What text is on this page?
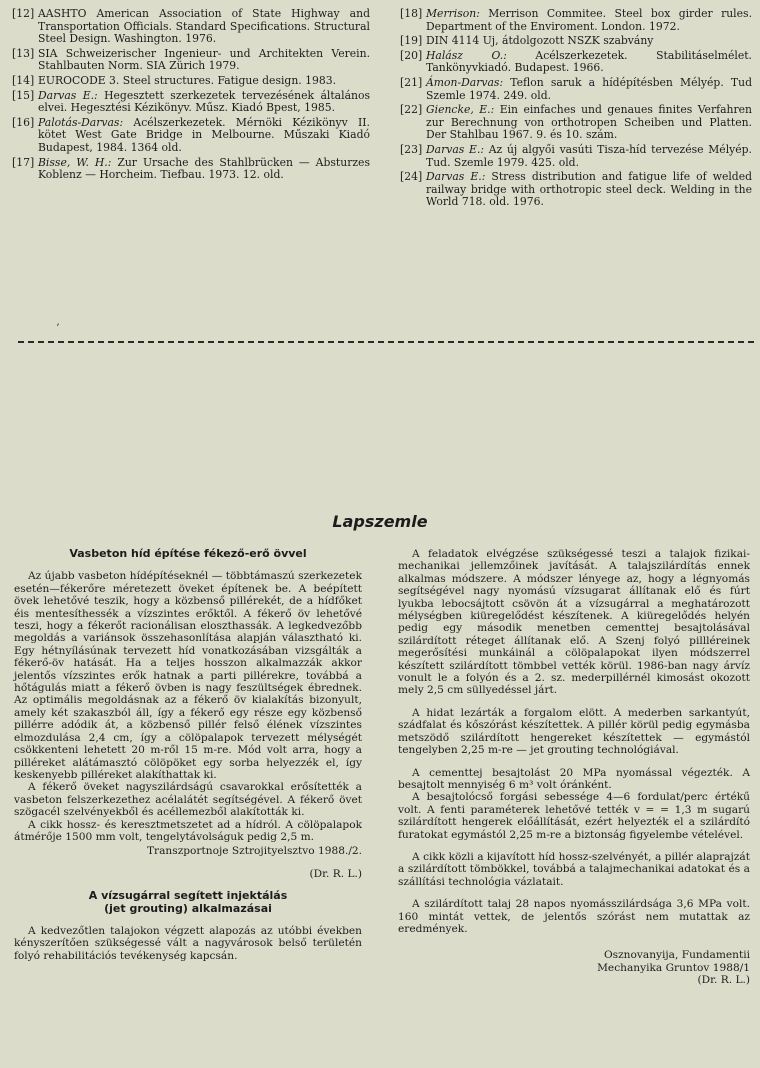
[12] AASHTO American Association of State Highway and Transportation Officials. Standard Specifications. Structural Steel Design. Washington. 1976.
[13] SIA Schweizerischer Ingenieur- und Architekten Verein. Stahlbauten Norm. SIA Zürich 1979.
[14] EUROCODE 3. Steel structures. Fatigue design. 1983.
[15] Darvas E.: Hegesztett szerkezetek tervezésének általános elvei. Hegesztési Kézikönyv. Műsz. Kiadó Bpest, 1985.
[16] Palotás-Darvas: Acélszerkezetek. Mérnöki Kézikönyv II. kötet West Gate Bridge in Melbourne. Műszaki Kiadó Budapest, 1984. 1364 old.
[17] Bisse, W. H.: Zur Ursache des Stahlbrücken — Absturzes Koblenz — Horcheim. Tiefbau. 1973. 12. old.
[18] Merrison: Merrison Commitee. Steel box girder rules. Department of the Enviroment. London. 1972.
[19] DIN 4114 Uj, átdolgozott NSZK szabvány
[20] Halász O.: Acélszerkezetek. Stabilitáselmélet. Tankönyvkiadó. Budapest. 1966.
[21] Ámon-Darvas: Teflon saruk a hídépítésben Mélyép. Tud Szemle 1974. 249. old.
[22] Giencke, E.: Ein einfaches und genaues finites Verfahren zur Berechnung von orthotropen Scheiben und Platten. Der Stahlbau 1967. 9. és 10. szám.
[23] Darvas E.: Az új algyői vasúti Tisza-híd tervezése Mélyép. Tud. Szemle 1979. 425. old.
[24] Darvas E.: Stress distribution and fatigue life of welded railway bridge with orthotropic steel deck. Welding in the World 718. old. 1976.
ʼ
Lapszemle
Vasbeton híd építése fékező-erő övvel

Az újabb vasbeton hídépítéseknél — többtámaszú szerkezetek esetén—fékerőre méretezett öveket építenek be. A beépített övek lehetővé teszik, hogy a közbenső pillérekét, de a hídfőket éis mentesíthessék a vízszintes erőktől. A fékerő öv lehetővé teszi, hogy a fékerőt racionálisan eloszthassák. A legkedvezőbb megoldás a variánsok összehasonlítása alapján választható ki. Egy hétnyílásúnak tervezett híd vonatkozásában vizsgálták a fékerő-öv hatását. Ha a teljes hosszon alkalmazzák akkor jelentős vízszintes erők hatnak a parti pillérekre, továbbá a hőtágulás miatt a fékerő övben is nagy feszültségek ébrednek. Az optimális megoldásnak az a fékerő öv kialakítás bizonyult, amely két szakaszból áll, így a fékerő egy része egy közbenső pillérre adódik át, a közbenső pillér felső élének vízszintes elmozdulása 2,4 cm, így a cölöpalapok tervezett mélységét csökkenteni lehetett 20 m-ről 15 m-re. Mód volt arra, hogy a pilléreket alátámasztó cölöpöket egy sorba helyezzék el, így keskenyebb pilléreket alakíthattak ki.

A fékerő öveket nagyszilárdságú csavarokkal erősítették a vasbeton felszerkezethez acélalátét segítségével. A fékerő övet szögacél szelvényekből és acéllemezből alakították ki.

A cikk hossz- és keresztmetszetet ad a hídról. A cölöpalapok átmérője 1500 mm volt, tengelytávolságuk pedig 2,5 m.

Transzportnoje Sztrojityelsztvo 1988./2.
(Dr. R. L.)
A vízsugárral segített injektálás
(jet grouting) alkalmazásai

A kedvezőtlen talajokon végzett alapozás az utóbbi években kényszerítően szükségessé vált a nagyvárosok belső területén folyó rehabilitációs tevékenység kapcsán.

A feladatok elvégzése szükségessé teszi a talajok fizikai-mechanikai jellemzőinek javítását. A talajszilárdítás ennek alkalmas módszere. A módszer lényege az, hogy a légnyomás segítségével nagy nyomású vízsugarat állítanak elő és fúrt lyukba lebocsájtott csövön át a vízsugárral a meghatározott mélységben kiüregelődést készítenek. A kiüregelődés helyén pedig egy második menetben cementtej besajtolásával szilárdított réteget állítanak elő. A Szenj folyó pillléreinek megerősítési munkáinál a cölöpalapokat ilyen módszerrel készített szilárdított tömbbel vették körül. 1986-ban nagy árvíz vonult le a folyón és a 2. sz. mederpillérnél kimosást okozott mely 2,5 cm süllyedéssel járt.

A hidat lezárták a forgalom elött. A mederben sarkantyút, szádfalat és kőszórást készítettek. A pillér körül pedig egymásba metszödő szilárdított hengereket készítettek — egymástól tengelyben 2,25 m-re — jet grouting technológiával.

A cementtej besajtolást 20 MPa nyomással végezték. A besajtolt mennyiség 6 m³ volt óránként.

A besajtolócső forgási sebessége 4—6 fordulat/perc értékű volt. A fenti paraméterek lehetővé tették v = = 1,3 m sugarú szilárdított hengerek előállítását, ezért helyezték el a szilárdító furatokat egymástól 2,25 m-re a biztonság figyelembe vételével.

A cikk közli a kijavított híd hossz-szelvényét, a pillér alaprajzát a szilárdított tömbökkel, továbbá a talajmechanikai adatokat és a szállítási technológia vázlatait.

A szilárdított talaj 28 napos nyomásszilárdsága 3,6 MPa volt. 160 mintát vettek, de jelentős szórást nem mutattak az eredmények.

Osznovanyija, Fundamentii
Mechanyika Gruntov 1988/1
(Dr. R. L.)
